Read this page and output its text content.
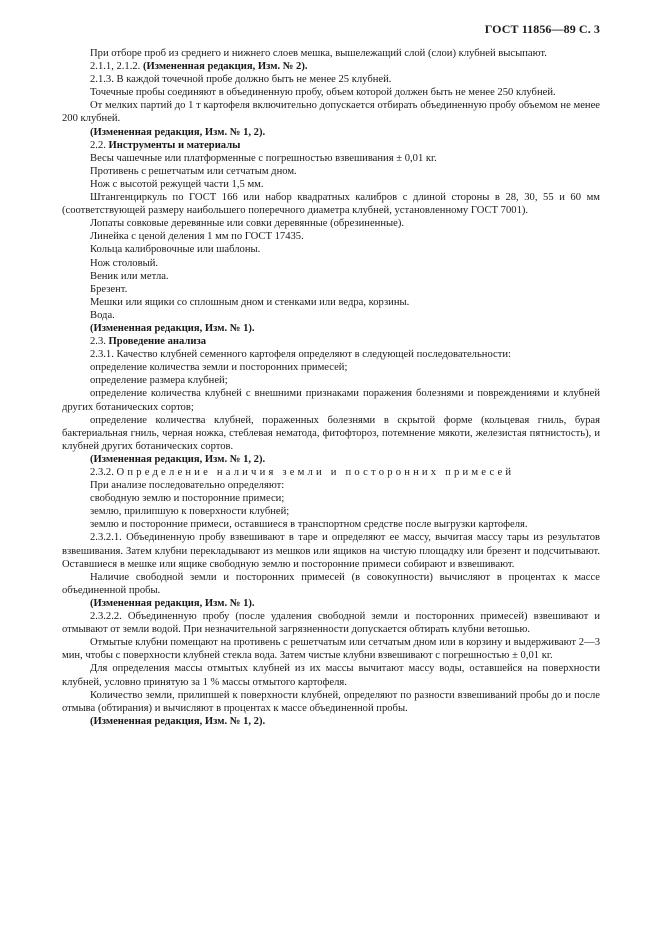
ГОСТ 11856—89 С. 3

При отборе проб из среднего и нижнего слоев мешка, вышележащий слой (слои) клубней высыпают.

2.1.1, 2.1.2. (Измененная редакция, Изм. № 2).

2.1.3. В каждой точечной пробе должно быть не менее 25 клубней.

Точечные пробы соединяют в объединенную пробу, объем которой должен быть не менее 250 клубней.

От мелких партий до 1 т картофеля включительно допускается отбирать объединенную пробу объемом не менее 200 клубней.

(Измененная редакция, Изм. № 1, 2).

2.2. Инструменты и материалы

Весы чашечные или платформенные с погрешностью взвешивания ± 0,01 кг.

Противень с решетчатым или сетчатым дном.

Нож с высотой режущей части 1,5 мм.

Штангенциркуль по ГОСТ 166 или набор квадратных калибров с длиной стороны в 28, 30, 55 и 60 мм (соответствующей размеру наибольшего поперечного диаметра клубней, установленному ГОСТ 7001).

Лопаты совковые деревянные или совки деревянные (обрезиненные).

Линейка с ценой деления 1 мм по ГОСТ 17435.

Кольца калибровочные или шаблоны.

Нож столовый.

Веник или метла.

Брезент.

Мешки или ящики со сплошным дном и стенками или ведра, корзины.

Вода.

(Измененная редакция, Изм. № 1).

2.3. Проведение анализа

2.3.1. Качество клубней семенного картофеля определяют в следующей последовательности:

определение количества земли и посторонних примесей;

определение размера клубней;

определение количества клубней с внешними признаками поражения болезнями и повреждениями и клубней других ботанических сортов;

определение количества клубней, пораженных болезнями в скрытой форме (кольцевая гниль, бурая бактериальная гниль, черная ножка, стеблевая нематода, фитофтороз, потемнение мякоти, железистая пятнистость), и клубней других ботанических сортов.

(Измененная редакция, Изм. № 1, 2).

2.3.2. Определение наличия земли и посторонних примесей

При анализе последовательно определяют:

свободную землю и посторонние примеси;

землю, прилипшую к поверхности клубней;

землю и посторонние примеси, оставшиеся в транспортном средстве после выгрузки картофеля.

2.3.2.1. Объединенную пробу взвешивают в таре и определяют ее массу, вычитая массу тары из результатов взвешивания. Затем клубни перекладывают из мешков или ящиков на чистую площадку или брезент и подсчитывают. Оставшиеся в мешке или ящике свободную землю и посторонние примеси собирают и взвешивают.

Наличие свободной земли и посторонних примесей (в совокупности) вычисляют в процентах к массе объединенной пробы.

(Измененная редакция, Изм. № 1).

2.3.2.2. Объединенную пробу (после удаления свободной земли и посторонних примесей) взвешивают и отмывают от земли водой. При незначительной загрязненности допускается обтирать клубни ветошью.

Отмытые клубни помещают на противень с решетчатым или сетчатым дном или в корзину и выдерживают 2—3 мин, чтобы с поверхности клубней стекла вода. Затем чистые клубни взвешивают с погрешностью ± 0,01 кг.

Для определения массы отмытых клубней из их массы вычитают массу воды, оставшейся на поверхности клубней, условно принятую за 1 % массы отмытого картофеля.

Количество земли, прилипшей к поверхности клубней, определяют по разности взвешиваний пробы до и после отмыва (обтирания) и вычисляют в процентах к массе объединенной пробы.

(Измененная редакция, Изм. № 1, 2).
